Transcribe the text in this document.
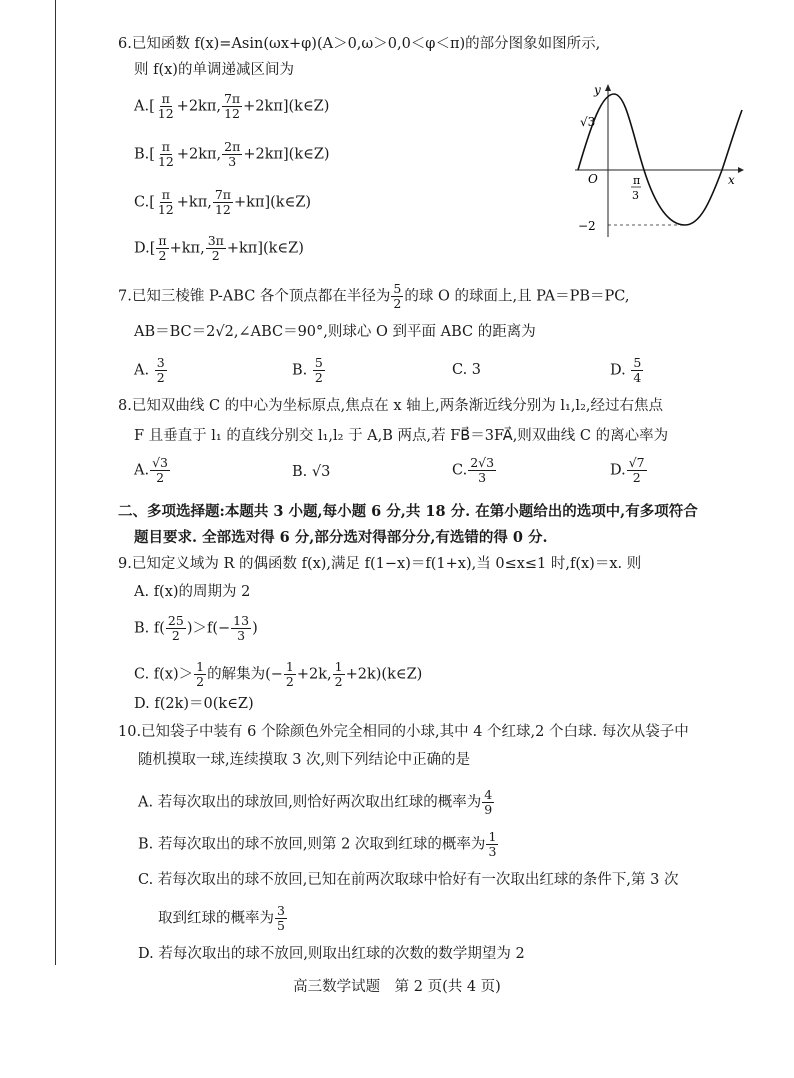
6.已知函数 f(x)=Asin(ωx+φ)(A＞0,ω＞0,0＜φ＜π)的部分图象如图所示,
则 f(x)的单调递减区间为
$A.[ \frac{\pi}{12} +2k\pi$, $\frac{7\pi}{12}$ +2kπ](k∈Z)
$B.[ \frac{\pi}{12} +2k\pi$, $\frac{2\pi}{3}$ +2kπ](k∈Z)
$C.[ \frac{\pi}{12} +k\pi$, $\frac{7\pi}{12}$ +kπ](k∈Z)
$D.[ \frac{\pi}{2} +k\pi$, $\frac{3\pi}{2}$ +kπ](k∈Z)
y
x
O
√3
−2
π
3
7.已知三棱锥 P-ABC 各个顶点都在半径为 $\frac{5}{2}$ 的球 O 的球面上,且 PA＝PB＝PC,
AB＝BC＝2√2,∠ABC＝90°,则球心 O 到平面 ABC 的距离为
A. $\frac{3}{2}$	B. $\frac{5}{2}$	C. 3	D. $\frac{5}{4}$
8.已知双曲线 C 的中心为坐标原点,焦点在 x 轴上,两条渐近线分别为 l₁,l₂,经过右焦点
F 且垂直于 l₁ 的直线分别交 l₁,l₂ 于 A,B 两点,若 FB⃗＝3FA⃗,则双曲线 C 的离心率为
A. $\frac{√3}{2}$	B. √3	C. $\frac{2√3}{3}$	D. $\frac{√7}{2}$
二、多项选择题:本题共 3 小题,每小题 6 分,共 18 分. 在第小题给出的选项中,有多项符合
题目要求. 全部选对得 6 分,部分选对得部分分,有选错的得 0 分.
9.已知定义域为 R 的偶函数 f(x),满足 f(1−x)＝f(1+x),当 0≤x≤1 时,f(x)＝x. 则
A. f(x)的周期为 2
B. $f( \frac{25}{2} )>f(- \frac{13}{3}$ )
C. $f(x)> \frac{1}{2}$ 的解集为(− $\frac{1}{2} +2k$, $\frac{1}{2}$ +2k)(k∈Z)
D. f(2k)＝0(k∈Z)
10.已知袋子中装有 6 个除颜色外完全相同的小球,其中 4 个红球,2 个白球. 每次从袋子中
随机摸取一球,连续摸取 3 次,则下列结论中正确的是
A. 若每次取出的球放回,则恰好两次取出红球的概率为 $\frac{4}{9}$
B. 若每次取出的球不放回,则第 2 次取到红球的概率为 $\frac{1}{3}$
C. 若每次取出的球不放回,已知在前两次取球中恰好有一次取出红球的条件下,第 3 次
取到红球的概率为 $\frac{3}{5}$
D. 若每次取出的球不放回,则取出红球的次数的数学期望为 2
高三数学试题　第 2 页(共 4 页)
